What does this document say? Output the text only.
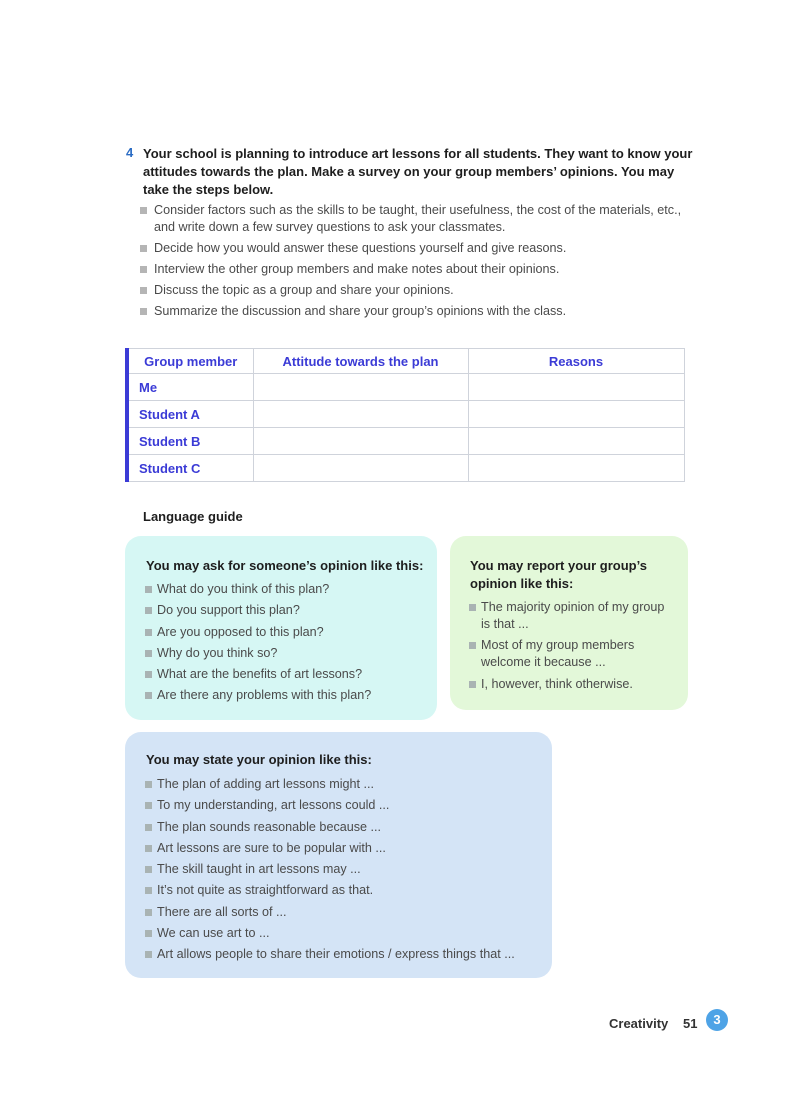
4 Your school is planning to introduce art lessons for all students. They want to know your attitudes towards the plan. Make a survey on your group members’ opinions. You may take the steps below.
Consider factors such as the skills to be taught, their usefulness, the cost of the materials, etc., and write down a few survey questions to ask your classmates.
Decide how you would answer these questions yourself and give reasons.
Interview the other group members and make notes about their opinions.
Discuss the topic as a group and share your opinions.
Summarize the discussion and share your group’s opinions with the class.
Group member	Attitude towards the plan	Reasons
Me		
Student A		
Student B		
Student C		
Language guide
You may ask for someone’s opinion like this:
What do you think of this plan?
Do you support this plan?
Are you opposed to this plan?
Why do you think so?
What are the benefits of art lessons?
Are there any problems with this plan?
You may report your group’s opinion like this:
The majority opinion of my group is that ...
Most of my group members welcome it because ...
I, however, think otherwise.
You may state your opinion like this:
The plan of adding art lessons might ...
To my understanding, art lessons could ...
The plan sounds reasonable because ...
Art lessons are sure to be popular with ...
The skill taught in art lessons may ...
It’s not quite as straightforward as that.
There are all sorts of ...
We can use art to ...
Art allows people to share their emotions / express things that ...
Creativity 51	3
